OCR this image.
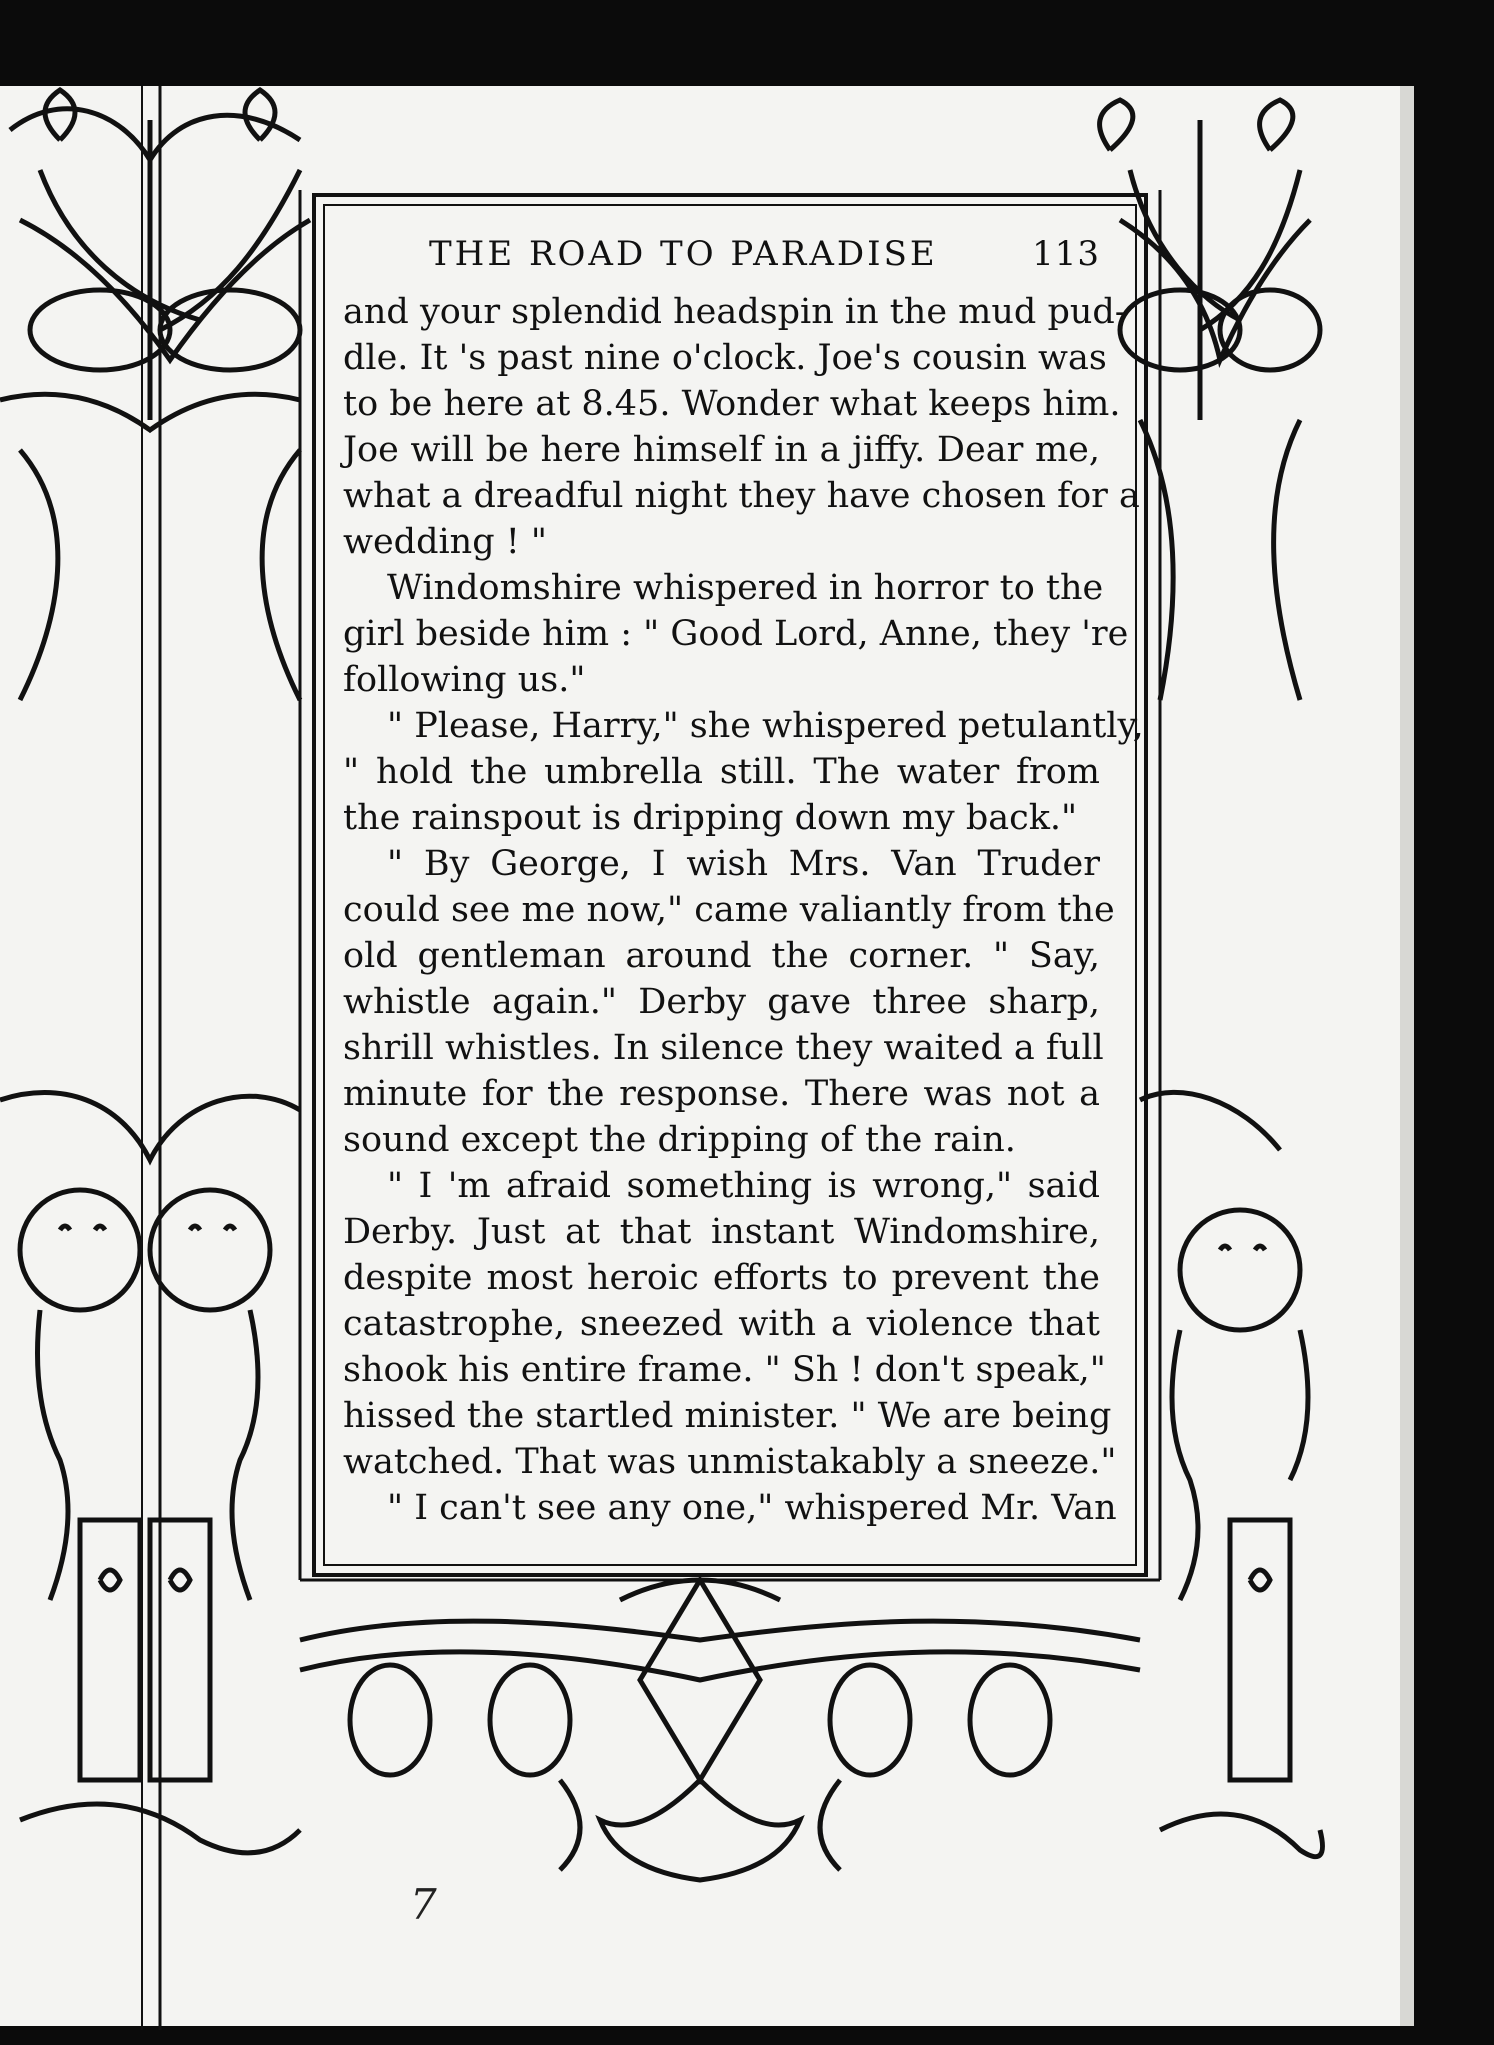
THE ROAD TO PARADISE	113
and your splendid headspin in the mud pud-
dle. It 's past nine o'clock. Joe's cousin was
to be here at 8.45. Wonder what keeps him.
Joe will be here himself in a jiffy. Dear me,
what a dreadful night they have chosen for a
wedding ! "
Windomshire whispered in horror to the
girl beside him : " Good Lord, Anne, they 're
following us."
" Please, Harry," she whispered petulantly,
" hold the umbrella still. The water from
the rainspout is dripping down my back."
" By George, I wish Mrs. Van Truder
could see me now," came valiantly from the
old gentleman around the corner. " Say,
whistle again." Derby gave three sharp,
shrill whistles. In silence they waited a full
minute for the response. There was not a
sound except the dripping of the rain.
" I 'm afraid something is wrong," said
Derby. Just at that instant Windomshire,
despite most heroic efforts to prevent the
catastrophe, sneezed with a violence that
shook his entire frame. " Sh ! don't speak,"
hissed the startled minister. " We are being
watched. That was unmistakably a sneeze."
" I can't see any one," whispered Mr. Van
7
